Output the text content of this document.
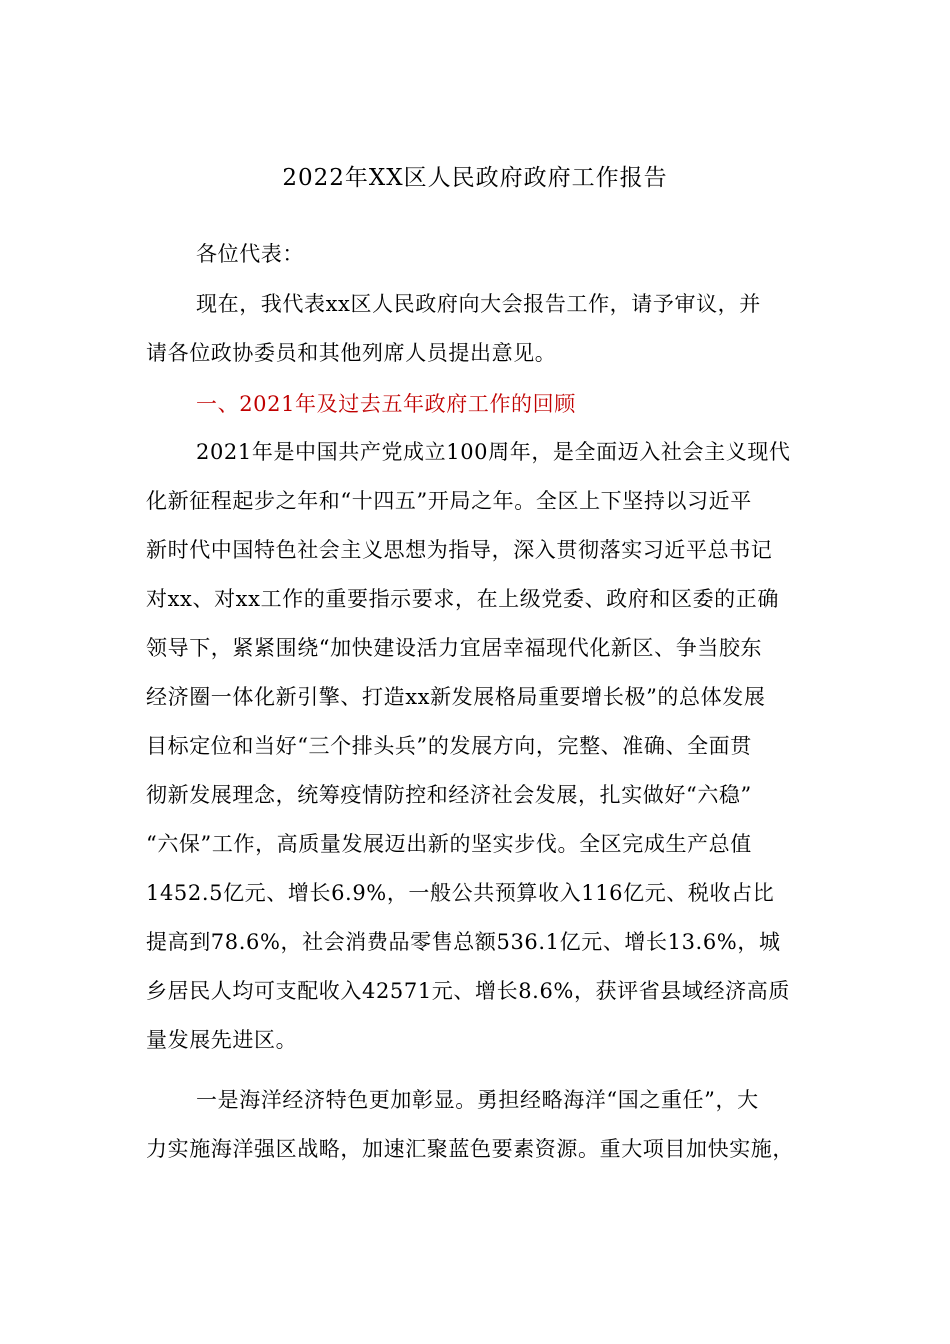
2022年XX区人民政府政府工作报告

各位代表：

现在，我代表xx区人民政府向大会报告工作，请予审议，并
请各位政协委员和其他列席人员提出意见。

一、2021年及过去五年政府工作的回顾

2021年是中国共产党成立100周年，是全面迈入社会主义现代
化新征程起步之年和“十四五”开局之年。全区上下坚持以习近平
新时代中国特色社会主义思想为指导，深入贯彻落实习近平总书记
对xx、对xx工作的重要指示要求，在上级党委、政府和区委的正确
领导下，紧紧围绕“加快建设活力宜居幸福现代化新区、争当胶东
经济圈一体化新引擎、打造xx新发展格局重要增长极”的总体发展
目标定位和当好“三个排头兵”的发展方向，完整、准确、全面贯
彻新发展理念，统筹疫情防控和经济社会发展，扎实做好“六稳”
“六保”工作，高质量发展迈出新的坚实步伐。全区完成生产总值
1452.5亿元、增长6.9%，一般公共预算收入116亿元、税收占比
提高到78.6%，社会消费品零售总额536.1亿元、增长13.6%，城
乡居民人均可支配收入42571元、增长8.6%，获评省县域经济高质
量发展先进区。

一是海洋经济特色更加彰显。勇担经略海洋“国之重任”，大
力实施海洋强区战略，加速汇聚蓝色要素资源。重大项目加快实施，
